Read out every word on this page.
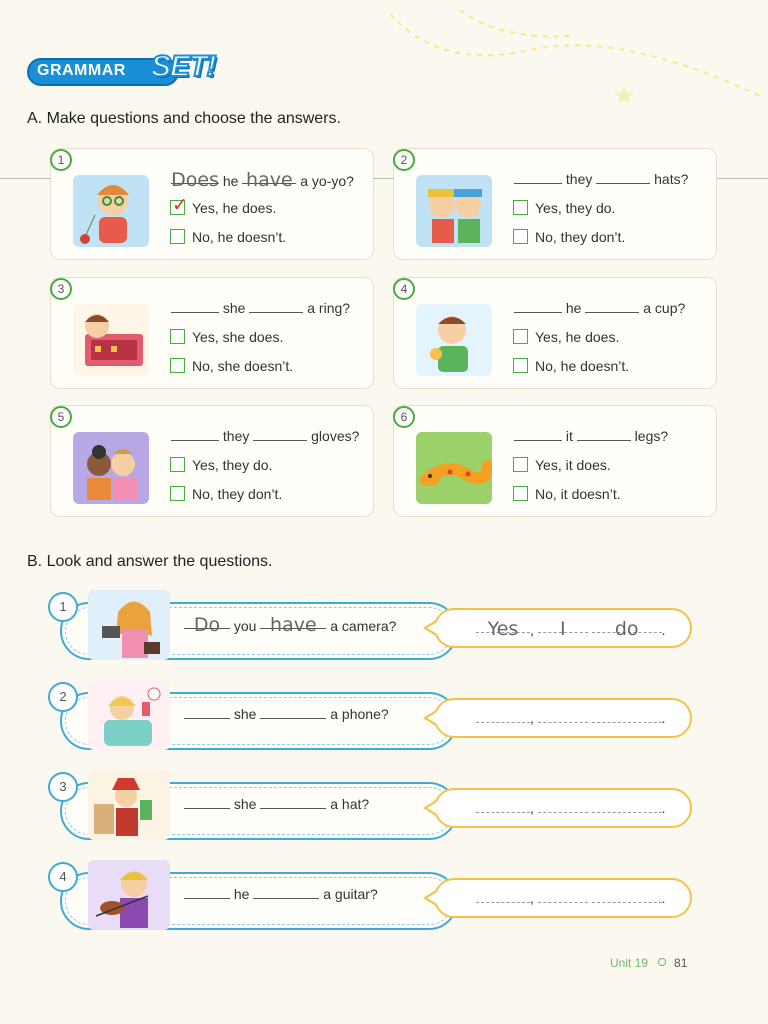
GRAMMAR SET!
A. Make questions and choose the answers.
1
Does he have a yo-yo?
✓ Yes, he does.
No, he doesn’t.
2
they	hats?
Yes, they do.
No, they don’t.
3
she	a ring?
Yes, she does.
No, she doesn’t.
4
he	a cup?
Yes, he does.
No, he doesn’t.
5
they	gloves?
Yes, they do.
No, they don’t.
6
it	legs?
Yes, it does.
No, it doesn’t.
B. Look and answer the questions.
1
Do you have a camera?	Yes , I	do .
2
she	a phone?	,	.
3
she	a hat?	,	.
4
he	a guitar?	,	.
Unit 19 81
